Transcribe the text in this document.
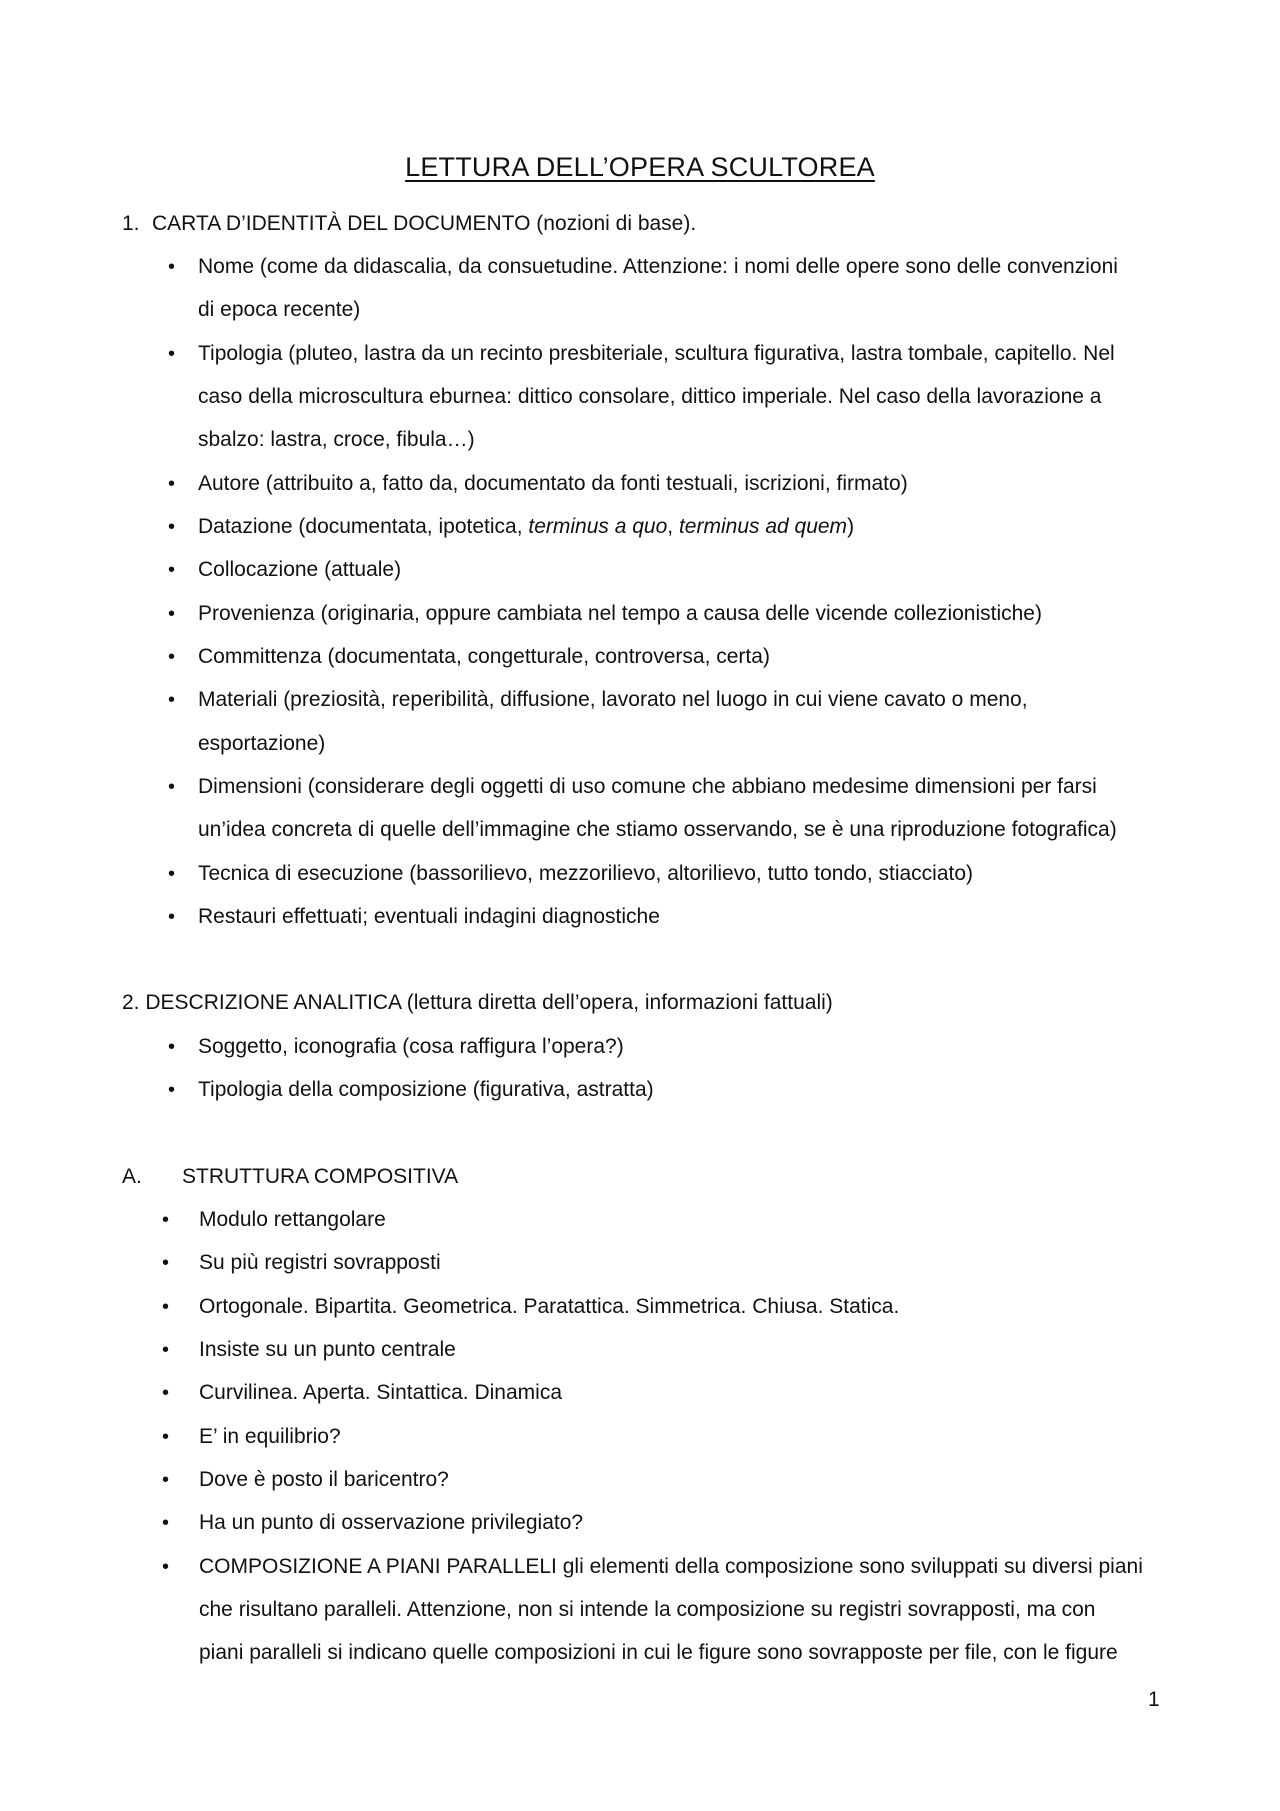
LETTURA DELL’OPERA SCULTOREA
1. CARTA D’IDENTITÀ DEL DOCUMENTO (nozioni di base).
• Nome (come da didascalia, da consuetudine. Attenzione: i nomi delle opere sono delle convenzioni
di epoca recente)
• Tipologia (pluteo, lastra da un recinto presbiteriale, scultura figurativa, lastra tombale, capitello. Nel
caso della microscultura eburnea: dittico consolare, dittico imperiale. Nel caso della lavorazione a
sbalzo: lastra, croce, fibula…)
• Autore (attribuito a, fatto da, documentato da fonti testuali, iscrizioni, firmato)
• Datazione (documentata, ipotetica, terminus a quo, terminus ad quem)
• Collocazione (attuale)
• Provenienza (originaria, oppure cambiata nel tempo a causa delle vicende collezionistiche)
• Committenza (documentata, congetturale, controversa, certa)
• Materiali (preziosità, reperibilità, diffusione, lavorato nel luogo in cui viene cavato o meno,
esportazione)
• Dimensioni (considerare degli oggetti di uso comune che abbiano medesime dimensioni per farsi
un’idea concreta di quelle dell’immagine che stiamo osservando, se è una riproduzione fotografica)
• Tecnica di esecuzione (bassorilievo, mezzorilievo, altorilievo, tutto tondo, stiacciato)
• Restauri effettuati; eventuali indagini diagnostiche
2. DESCRIZIONE ANALITICA (lettura diretta dell’opera, informazioni fattuali)
• Soggetto, iconografia (cosa raffigura l’opera?)
• Tipologia della composizione (figurativa, astratta)
A. STRUTTURA COMPOSITIVA
• Modulo rettangolare
• Su più registri sovrapposti
• Ortogonale. Bipartita. Geometrica. Paratattica. Simmetrica. Chiusa. Statica.
• Insiste su un punto centrale
• Curvilinea. Aperta. Sintattica. Dinamica
• E’ in equilibrio?
• Dove è posto il baricentro?
• Ha un punto di osservazione privilegiato?
• COMPOSIZIONE A PIANI PARALLELI gli elementi della composizione sono sviluppati su diversi piani
che risultano paralleli. Attenzione, non si intende la composizione su registri sovrapposti, ma con
piani paralleli si indicano quelle composizioni in cui le figure sono sovrapposte per file, con le figure
1
